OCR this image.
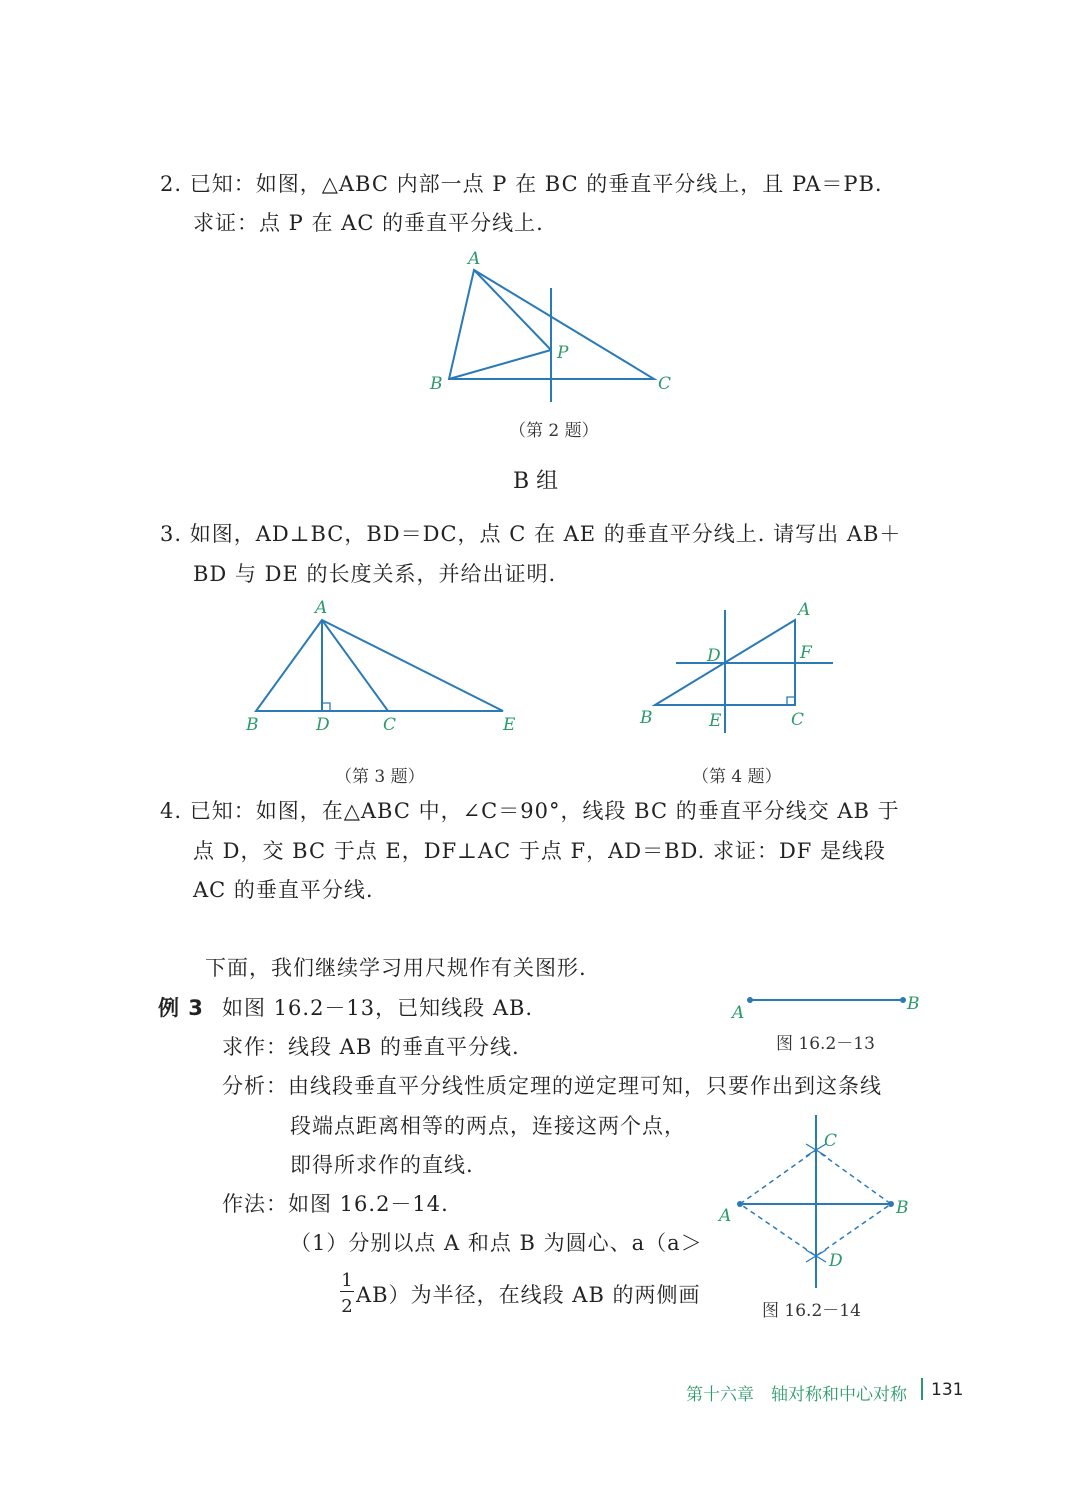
2. 已知：如图，△ABC 内部一点 P 在 BC 的垂直平分线上，且 PA＝PB.
求证：点 P 在 AC 的垂直平分线上.
A
B	C
P
A
B	D	C	E
A
F
D
B	E	C
A	B
C
D
A	B
（第 2 题）
B 组
3. 如图，AD⊥BC，BD＝DC，点 C 在 AE 的垂直平分线上. 请写出 AB＋
BD 与 DE 的长度关系，并给出证明.
（第 3 题）	（第 4 题）
4. 已知：如图，在△ABC 中，∠C＝90°，线段 BC 的垂直平分线交 AB 于
点 D，交 BC 于点 E，DF⊥AC 于点 F，AD＝BD. 求证：DF 是线段
AC 的垂直平分线.
下面，我们继续学习用尺规作有关图形.
例 3 如图 16.2－13，已知线段 AB.
图 16.2－13
求作：线段 AB 的垂直平分线.
分析：由线段垂直平分线性质定理的逆定理可知，只要作出到这条线
段端点距离相等的两点，连接这两个点，
即得所求作的直线.
作法：如图 16.2－14.
（1）分别以点 A 和点 B 为圆心、a（a＞
1
2 AB）为半径，在线段 AB 的两侧画
图 16.2－14
第十六章　轴对称和中心对称 131
